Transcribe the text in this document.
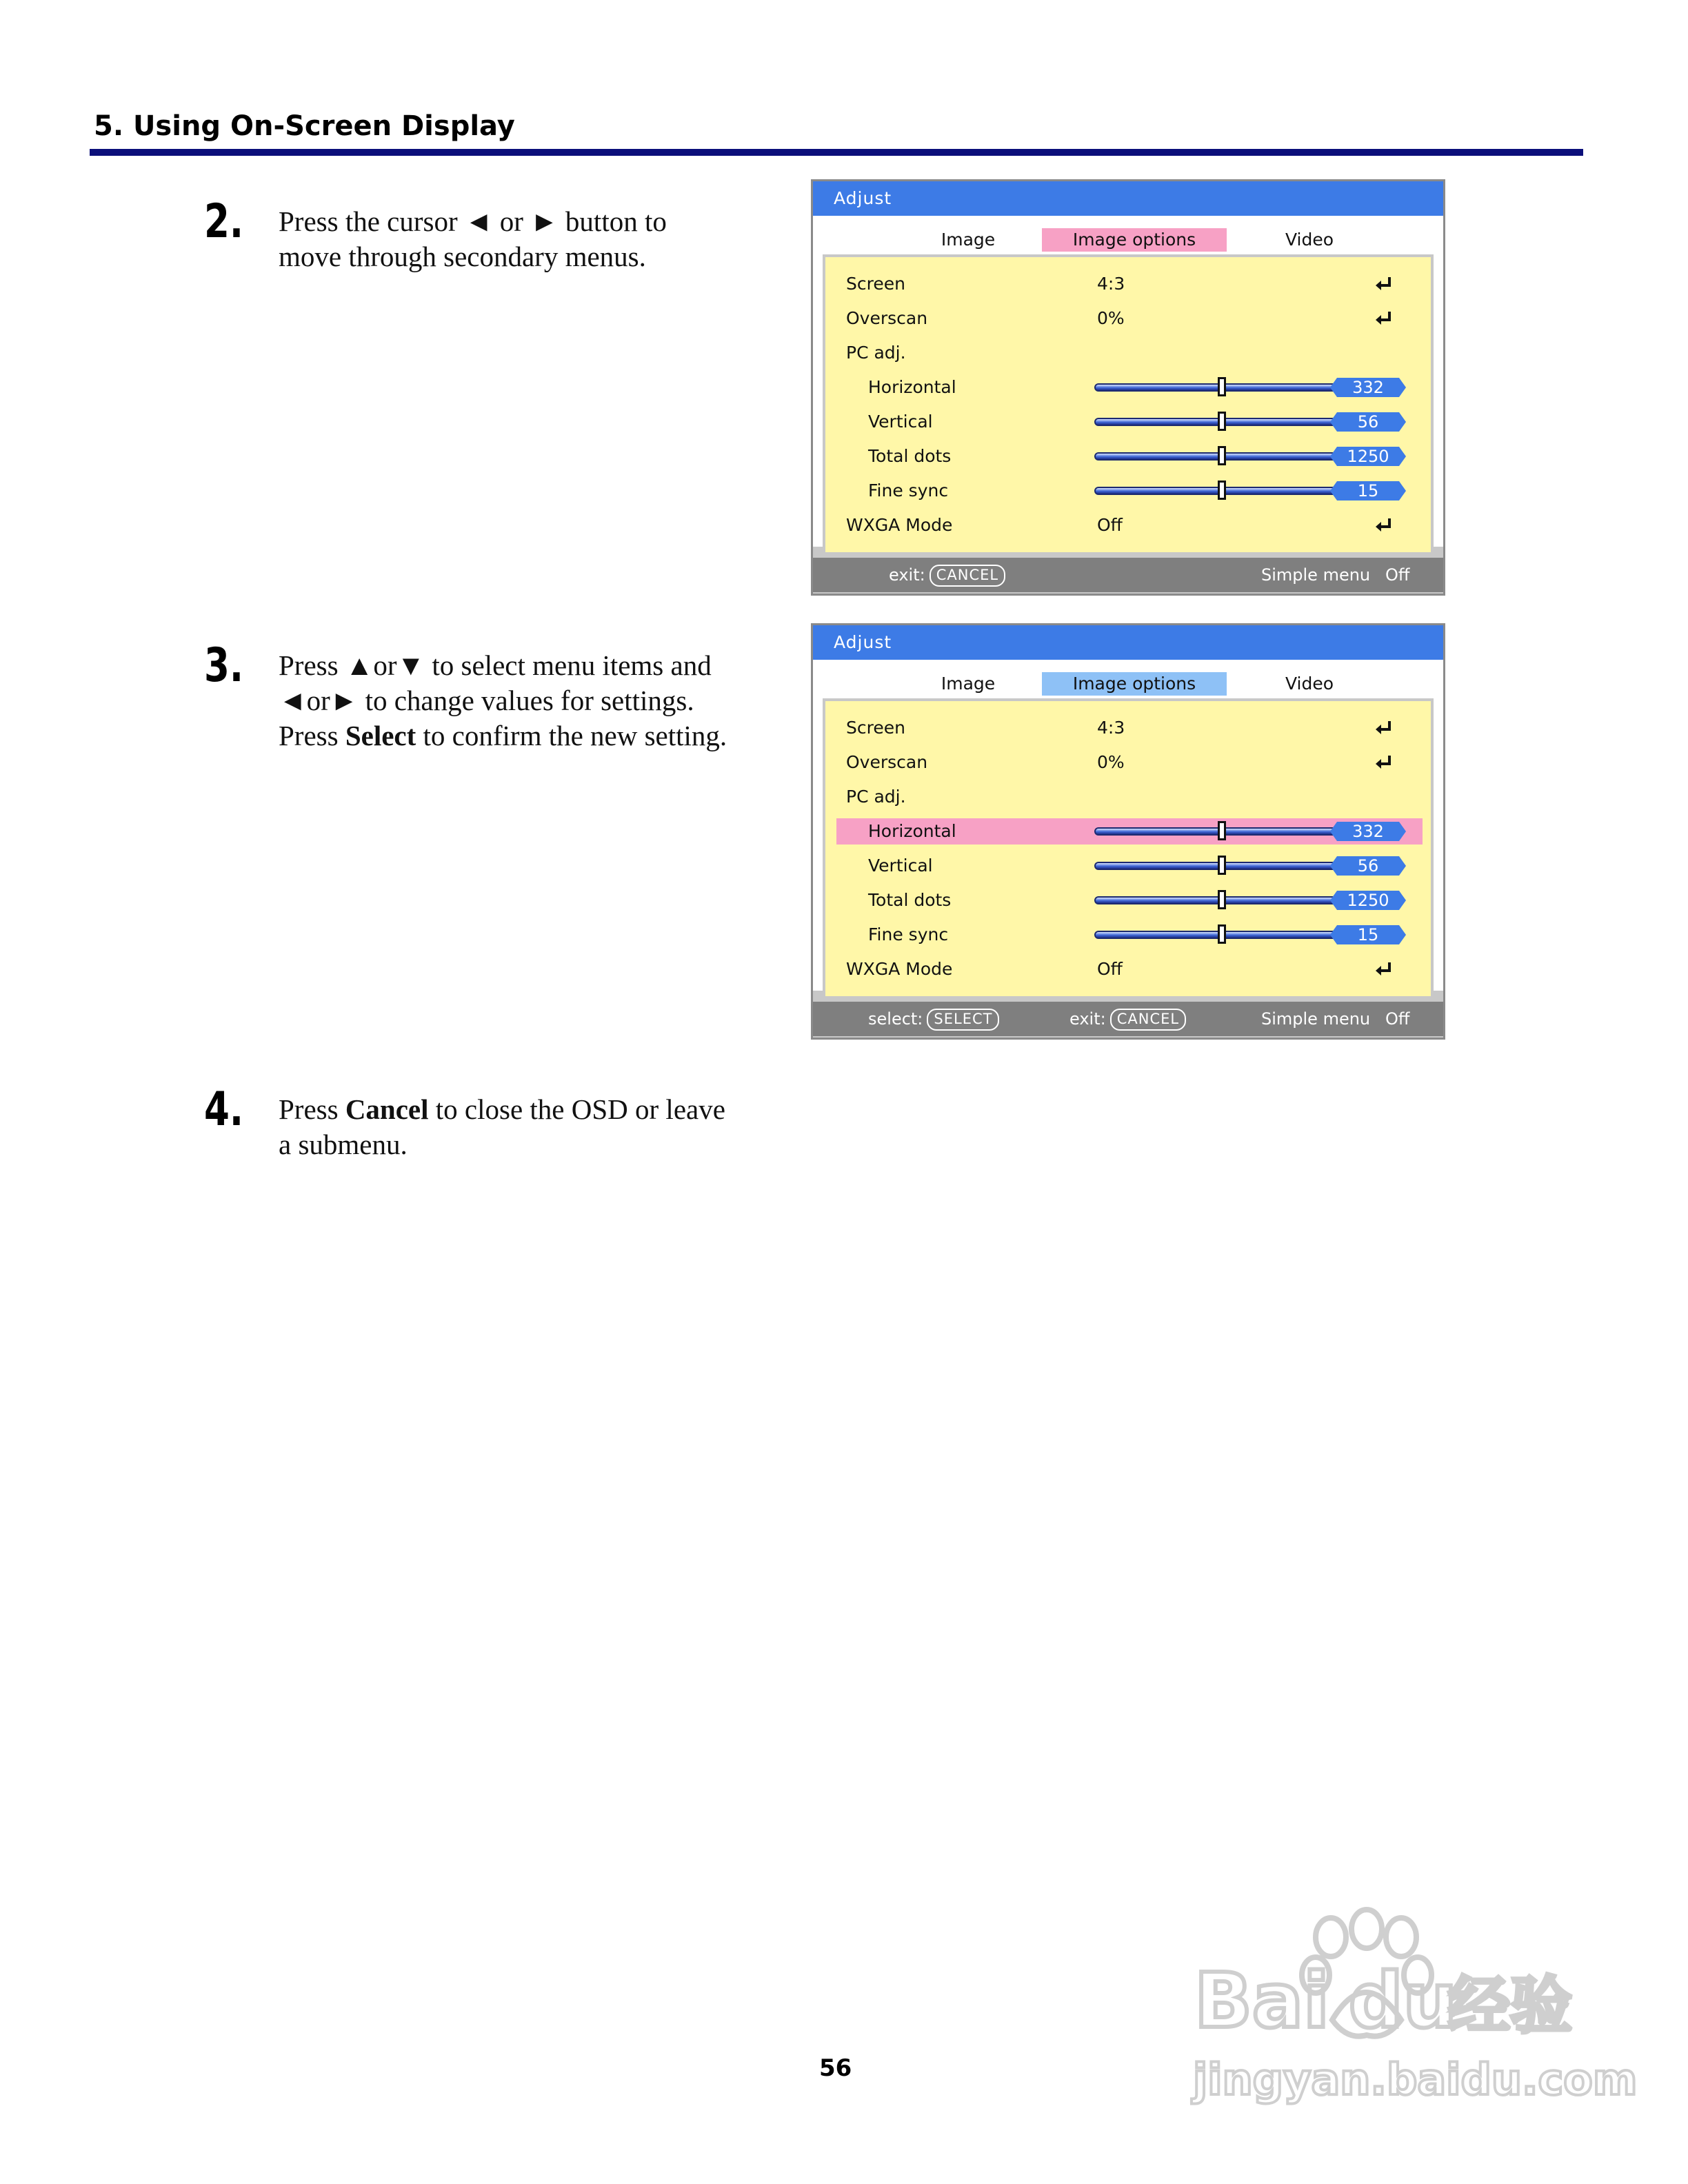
5. Using On-Screen Display
2. Press the cursor ◄ or ► button to
move through secondary menus.
Adjust
Image	Image options	Video
Screen	4:3
Overscan	0%
PC adj.
Horizontal	332
Vertical	56
Total dots	1250
Fine sync	15
WXGA Mode	Off
exit: CANCEL	Simple menu Off
3. Press ▲or▼ to select menu items and
◄or► to change values for settings.
Press Select to confirm the new setting.
Adjust
Image	Image options	Video
Screen	4:3
Overscan	0%
PC adj.
Horizontal	332
Vertical	56
Total dots	1250
Fine sync	15
WXGA Mode	Off
select: SELECT	exit: CANCEL	Simple menu Off
4. Press Cancel to close the OSD or leave
a submenu.
56
Bai du
经验
jingyan.baidu.com
